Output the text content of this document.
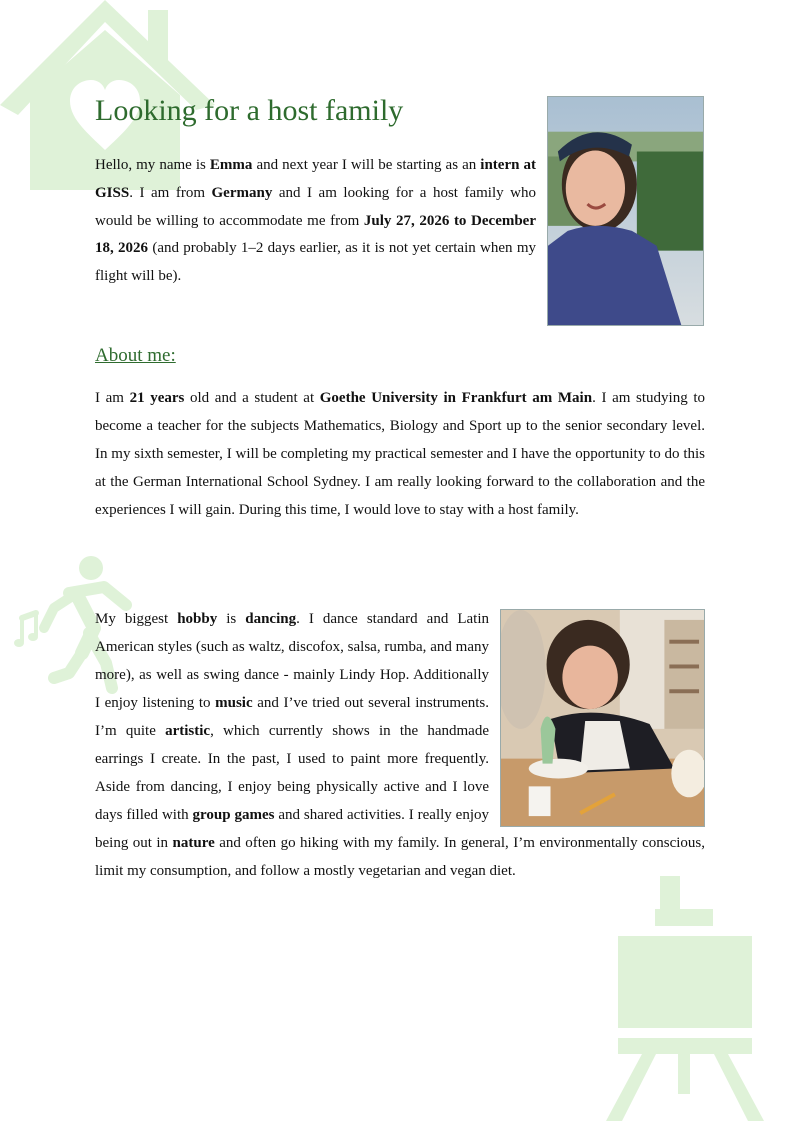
Looking for a host family

Hello, my name is Emma and next year I will be starting as an intern at GISS. I am from Germany and I am looking for a host family who would be willing to accommodate me from July 27, 2026 to December 18, 2026 (and probably 1–2 days earlier, as it is not yet certain when my flight will be).

About me:

I am 21 years old and a student at Goethe University in Frankfurt am Main. I am studying to become a teacher for the subjects Mathematics, Biology and Sport up to the senior secondary level. In my sixth semester, I will be completing my practical semester and I have the opportunity to do this at the German International School Sydney. I am really looking forward to the collaboration and the experiences I will gain. During this time, I would love to stay with a host family.

My biggest hobby is dancing. I dance standard and Latin American styles (such as waltz, discofox, salsa, rumba, and many more), as well as swing dance - mainly Lindy Hop. Additionally I enjoy listening to music and I’ve tried out several instruments. I’m quite artistic, which currently shows in the handmade earrings I create. In the past, I used to paint more frequently. Aside from dancing, I enjoy being physically active and I love days filled with group games and shared activities. I really enjoy being out in nature and often go hiking with my family. In general, I’m environmentally conscious, limit my consumption, and follow a mostly vegetarian and vegan diet.
